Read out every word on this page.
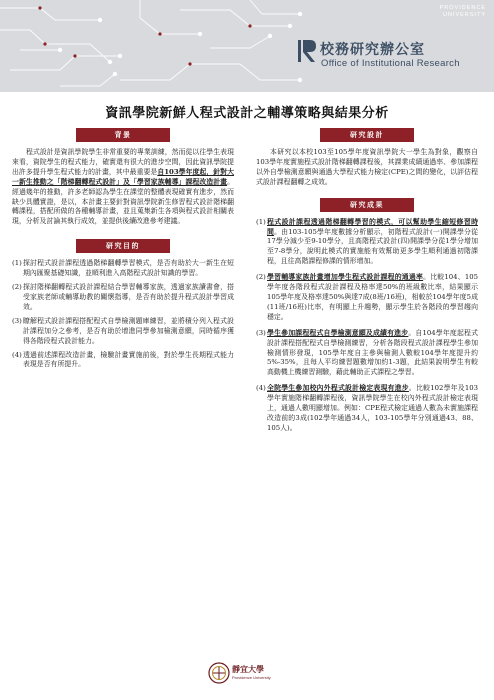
PROVIDENCE
UNIVERSITY
校務研究辦公室
Office of Institutional Research
資訊學院新鮮人程式設計之輔導策略與結果分析
背景

程式設計是資訊學院學生非常重要的專業訓練，然而從以往學生表現來看，資院學生的程式能力，確實還有很大的進步空間，因此資訊學院提出許多提升學生程式能力的計畫，其中最重要是自103學年度起，針對大一新生推動之「階梯翻轉程式設計」及「學習家族輔導」課程改造計畫。經過幾年的推動，許多老師認為學生在課堂的整體表現確實有進步，然而缺少具體實證，是以，本計畫主要針對資訊學院新生修習程式設計階梯翻轉課程，搭配所做的各種輔導計畫，並且蒐集新生各項與程式設計相關表現，分析及討論其執行成效，並提供後續改進參考建議。

研究目的
(1) 探討程式設計課程透過階梯翻轉學習模式，是否有助於大一新生在短期內匯聚基礎知識，並順利進入高階程式設計知識的學習。
(2) 探討階梯翻轉程式設計課程結合學習輔導家族，透過家族讀書會，搭受家族老師或輔導助教的關懷指導，是否有助於提升程式設計學習成效。
(3) 瞭解程式設計課程搭配程式自學檢測題庫練習，並將積分列入程式設計課程加分之參考，是否有助於增進同學參加檢測意願，同時循序獲得各階段程式設計能力。
(4) 透過前述課程改造計畫，檢驗計畫實施前後，對於學生長期程式能力表現是否有所提升。
研究設計

本研究以本校103至105學年度資訊學院大一學生為對象，觀察自103學年度實施程式設計階梯翻轉課程後，其課業成績通過率、參加課程以外自學檢測意願與通過大學程式能力檢定(CPE)之間的變化，以評估程式設計課程翻轉之成效。

研究成果
(1) 程式設計課程透過階梯翻轉學習的模式，可以幫助學生縮短修習時間。由103-105學年度數據分析顯示，初階程式設計(一)開課學分從17學分減少至9-10學分，且高階程式設計(四)開課學分從1學分增加至7-8學分，說明此模式的實施能有效幫助更多學生順利通過初階課程，且往高階課程修課的情形增加。
(2) 學習輔導家族計畫增加學生程式設計課程的通過率。比較104、105學年度各階段程式設計課程及格率達50%的班級數比率，結果顯示105學年度及格率達50%與達7成(8班/16班)，相較於104學年度5成(11班/16班)比率，有明顯上升趨勢，顯示學生於各階段的學習趨向穩定。
(3) 學生參加課程程式自學檢測意願及成績有進步。自104學年度起程式設計課程搭配程式自學檢測練習，分析各階段程式設計課程學生參加檢測情形發現，105學年度自主參與檢測人數較104學年度提升約5%-35%，且每人平均練習題數增加約1-3題，此結果說明學生有較高動機上機練習測驗，藉此輔助正式課程之學習。
(4) 全院學生參加校內外程式設計檢定表現有進步。比較102學年及103學年實施階梯翻轉課程後，資訊學院學生在校內外程式設計檢定表現上，通過人數明顯增加。例如：CPE程式檢定通過人數為未實施課程改造前的3成(102學年通過34人，103-105學年分別通過43、88、105人)。
靜宜大學
Providence University
